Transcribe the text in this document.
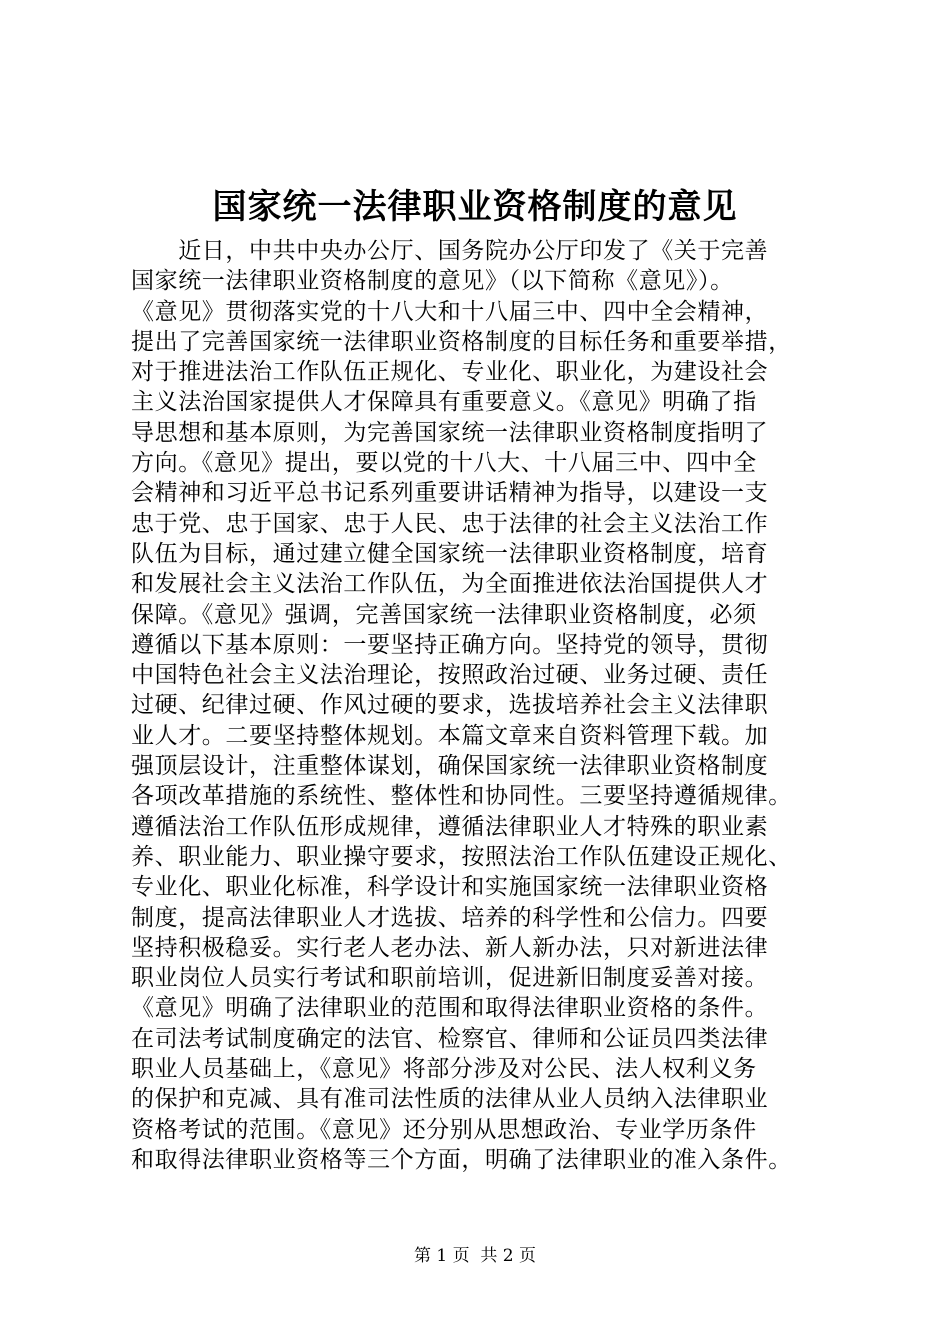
国家统一法律职业资格制度的意见

　　近日，中共中央办公厅、国务院办公厅印发了《关于完善
国家统一法律职业资格制度的意见》（以下简称《意见》）。
《意见》贯彻落实党的十八大和十八届三中、四中全会精神，
提出了完善国家统一法律职业资格制度的目标任务和重要举措，
对于推进法治工作队伍正规化、专业化、职业化，为建设社会
主义法治国家提供人才保障具有重要意义。《意见》明确了指
导思想和基本原则，为完善国家统一法律职业资格制度指明了
方向。《意见》提出，要以党的十八大、十八届三中、四中全
会精神和习近平总书记系列重要讲话精神为指导，以建设一支
忠于党、忠于国家、忠于人民、忠于法律的社会主义法治工作
队伍为目标，通过建立健全国家统一法律职业资格制度，培育
和发展社会主义法治工作队伍，为全面推进依法治国提供人才
保障。《意见》强调，完善国家统一法律职业资格制度，必须
遵循以下基本原则：一要坚持正确方向。坚持党的领导，贯彻
中国特色社会主义法治理论，按照政治过硬、业务过硬、责任
过硬、纪律过硬、作风过硬的要求，选拔培养社会主义法律职
业人才。二要坚持整体规划。本篇文章来自资料管理下载。加
强顶层设计，注重整体谋划，确保国家统一法律职业资格制度
各项改革措施的系统性、整体性和协同性。三要坚持遵循规律。
遵循法治工作队伍形成规律，遵循法律职业人才特殊的职业素
养、职业能力、职业操守要求，按照法治工作队伍建设正规化、
专业化、职业化标准，科学设计和实施国家统一法律职业资格
制度，提高法律职业人才选拔、培养的科学性和公信力。四要
坚持积极稳妥。实行老人老办法、新人新办法，只对新进法律
职业岗位人员实行考试和职前培训，促进新旧制度妥善对接。
《意见》明确了法律职业的范围和取得法律职业资格的条件。
在司法考试制度确定的法官、检察官、律师和公证员四类法律
职业人员基础上，《意见》将部分涉及对公民、法人权利义务
的保护和克减、具有准司法性质的法律从业人员纳入法律职业
资格考试的范围。《意见》还分别从思想政治、专业学历条件
和取得法律职业资格等三个方面，明确了法律职业的准入条件。

第 1 页  共 2 页
